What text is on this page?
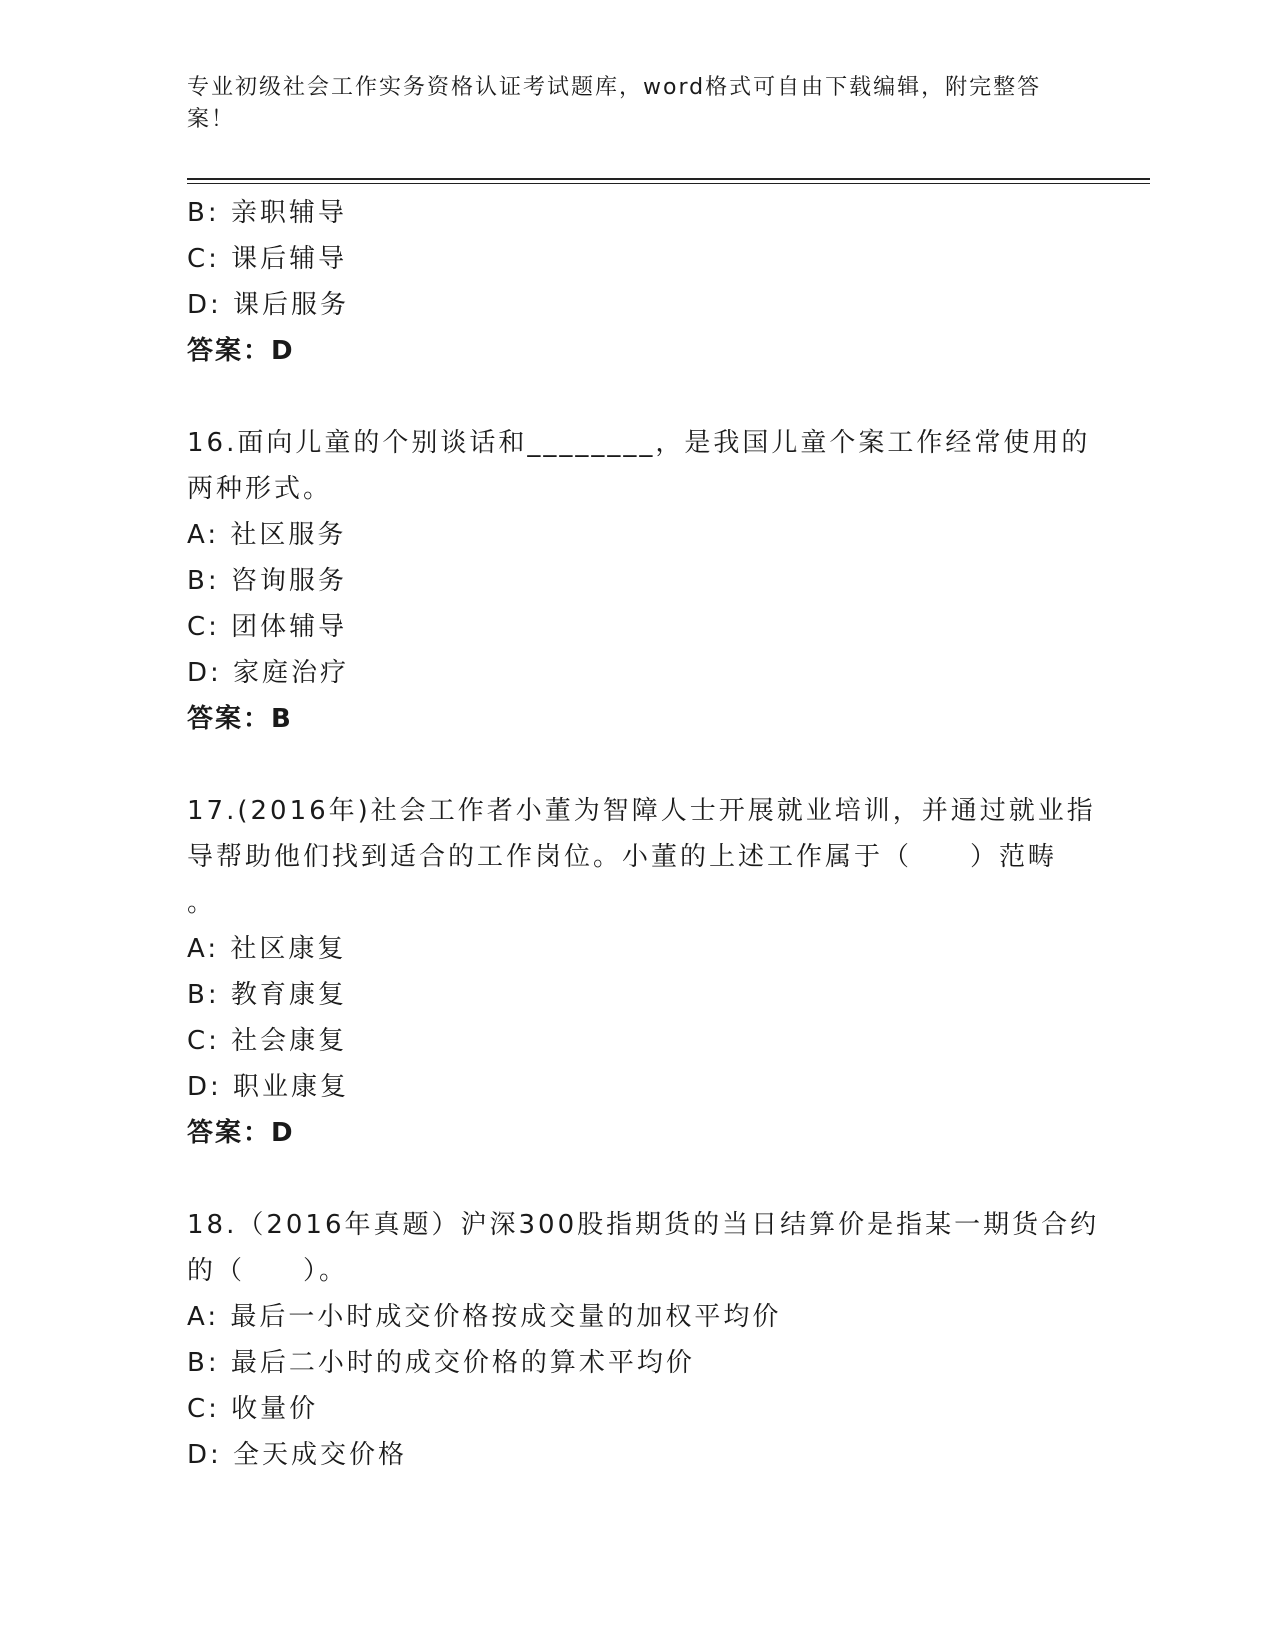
专业初级社会工作实务资格认证考试题库，word格式可自由下载编辑，附完整答案！
B: 亲职辅导
C: 课后辅导
D: 课后服务
答案：D
16.面向儿童的个别谈话和________，是我国儿童个案工作经常使用的
两种形式。
A: 社区服务
B: 咨询服务
C: 团体辅导
D: 家庭治疗
答案：B
17.(2016年)社会工作者小董为智障人士开展就业培训，并通过就业指
导帮助他们找到适合的工作岗位。小董的上述工作属于（　　）范畴
。
A: 社区康复
B: 教育康复
C: 社会康复
D: 职业康复
答案：D
18.（2016年真题）沪深300股指期货的当日结算价是指某一期货合约
的（　　）。
A: 最后一小时成交价格按成交量的加权平均价
B: 最后二小时的成交价格的算术平均价
C: 收量价
D: 全天成交价格
